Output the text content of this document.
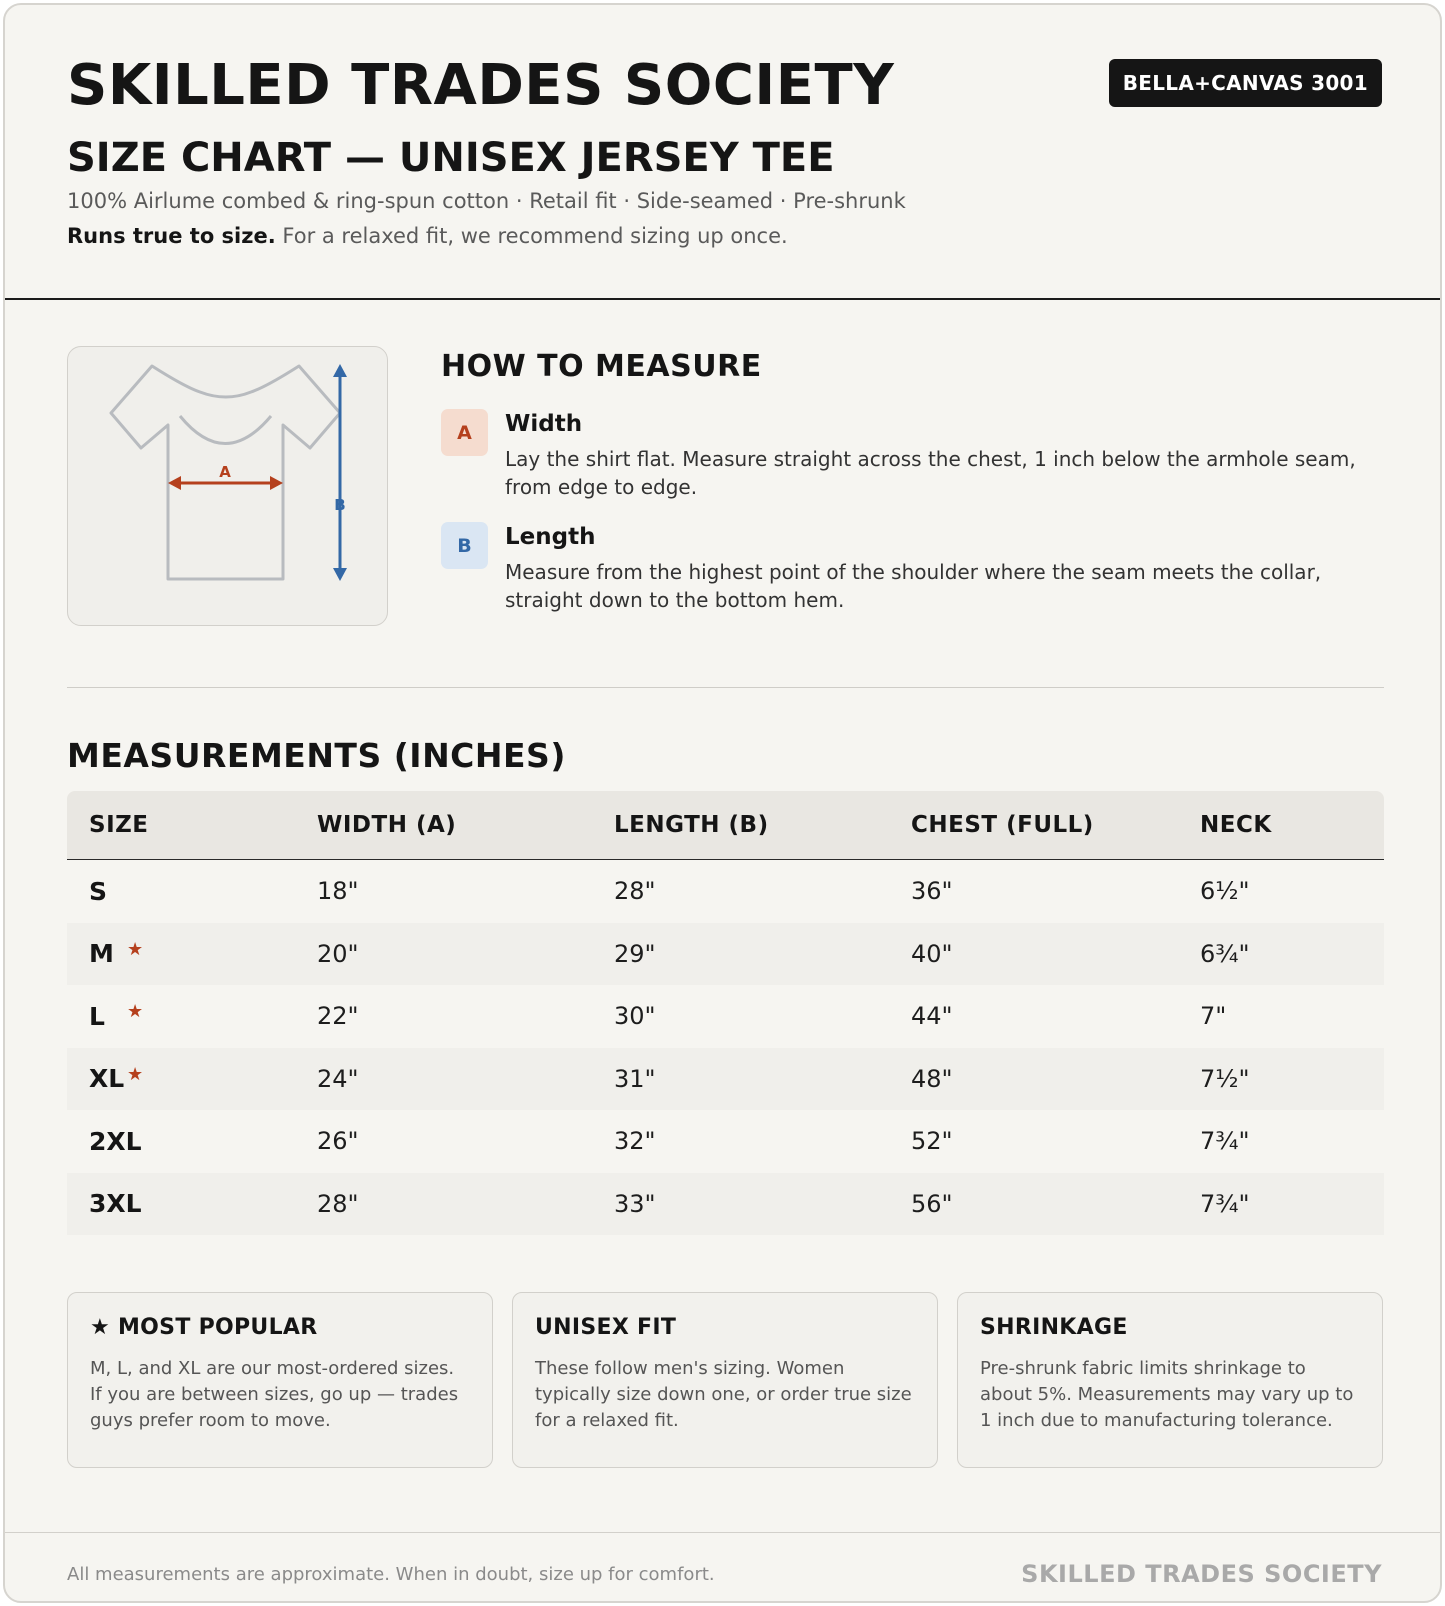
SKILLED TRADES SOCIETY	BELLA+CANVAS 3001
SIZE CHART — UNISEX JERSEY TEE
100% Airlume combed & ring-spun cotton · Retail fit · Side-seamed · Pre-shrunk
Runs true to size. For a relaxed fit, we recommend sizing up once.
A
B
HOW TO MEASURE
A	Width
Lay the shirt flat. Measure straight across the chest, 1 inch below the armhole seam, from edge to edge.
B	Length
Measure from the highest point of the shoulder where the seam meets the collar, straight down to the bottom hem.
MEASUREMENTS (INCHES)
SIZE	WIDTH (A)	LENGTH (B)	CHEST (FULL)	NECK
S	18"	28"	36"	6½"
M ★	20"	29"	40"	6¾"
L ★	22"	30"	44"	7"
XL ★	24"	31"	48"	7½"
2XL	26"	32"	52"	7¾"
3XL	28"	33"	56"	7¾"
★ MOST POPULAR
M, L, and XL are our most-ordered sizes. If you are between sizes, go up — trades guys prefer room to move.
UNISEX FIT
These follow men's sizing. Women typically size down one, or order true size for a relaxed fit.
SHRINKAGE
Pre-shrunk fabric limits shrinkage to about 5%. Measurements may vary up to 1 inch due to manufacturing tolerance.
All measurements are approximate. When in doubt, size up for comfort.	SKILLED TRADES SOCIETY
